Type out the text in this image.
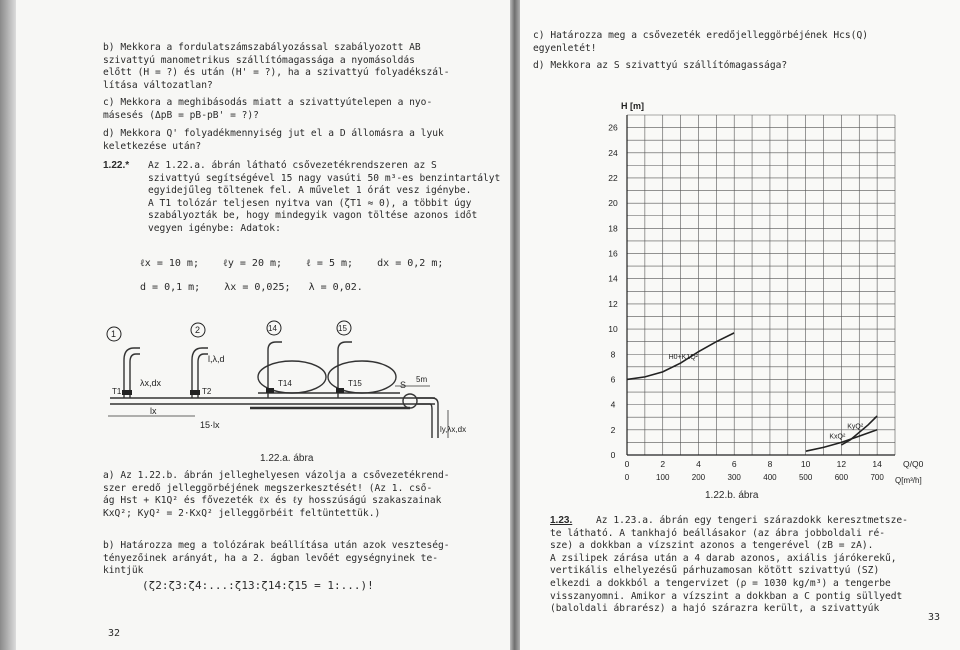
b) Mekkora a fordulatszámszabályozással szabályozott AB
szivattyú manometrikus szállítómagassága a nyomásoldás
előtt (H = ?) és után (H' = ?), ha a szivattyú folyadékszál-
lítása változatlan?
c) Mekkora a meghibásodás miatt a szivattyútelepen a nyo-
másesés (ΔpB = pB-pB' = ?)?
d) Mekkora Q' folyadékmennyiség jut el a D állomásra a lyuk
keletkezése után?
1.22.* Az 1.22.a. ábrán látható csővezetékrendszeren az S
szivattyú segítségével 15 nagy vasúti 50 m³-es benzintartályt
egyidejűleg töltenek fel. A művelet 1 órát vesz igénybe.
A T1 tolózár teljesen nyitva van (ζT1 ≈ 0), a többit úgy
szabályozták be, hogy mindegyik vagon töltése azonos időt
vegyen igénybe: Adatok:
ℓx = 10 m;    ℓy = 20 m;    ℓ = 5 m;    dx = 0,2 m;
d = 0,1 m;    λx = 0,025;   λ = 0,02.
1	2	14	15
l,λ,d
λx,dx
T1	T2
T14	T15	S
5m
lx
15·lx	ly,λx,dx
1.22.a. ábra
a) Az 1.22.b. ábrán jelleghelyesen vázolja a csővezetékrend-
szer eredő jelleggörbéjének megszerkesztését! (Az 1. cső-
ág Hst + K1Q² és fővezeték ℓx és ℓy hosszúságú szakaszainak
KxQ²; KyQ² = 2·KxQ² jelleggörbéit feltüntettük.)
b) Határozza meg a tolózárak beállítása után azok veszteség-
tényezőinek arányát, ha a 2. ágban levőét egységnyinek te-
kintjük
(ζ2:ζ3:ζ4:...:ζ13:ζ14:ζ15 = 1:...)!
32
c) Határozza meg a csővezeték eredőjelleggörbéjének Hcs(Q)
egyenletét!
d) Mekkora az S szivattyú szállítómagassága?
H0+K1Q²
KxQ²
KyQ²
0
2
4
6
8
10
12
14
16
18
20
22
24
26
0	2	4	6	8	10	12	14
0	100	200	300	400	500	600	700
H [m]
Q/Q0
Q[m³/h]
1.22.b. ábra
1.23.	Az 1.23.a. ábrán egy tengeri szárazdokk keresztmetsze-
te látható. A tankhajó beállásakor (az ábra jobboldali ré-
sze) a dokkban a vízszint azonos a tengerével (zB = zA).
A zsilipek zárása után a 4 darab azonos, axiális járókerekű,
vertikális elhelyezésű párhuzamosan kötött szivattyú (SZ)
elkezdi a dokkból a tengervizet (ρ = 1030 kg/m³) a tengerbe
visszanyomni. Amikor a vízszint a dokkban a C pontig süllyedt
(baloldali ábrarész) a hajó szárazra került, a szivattyúk
33
